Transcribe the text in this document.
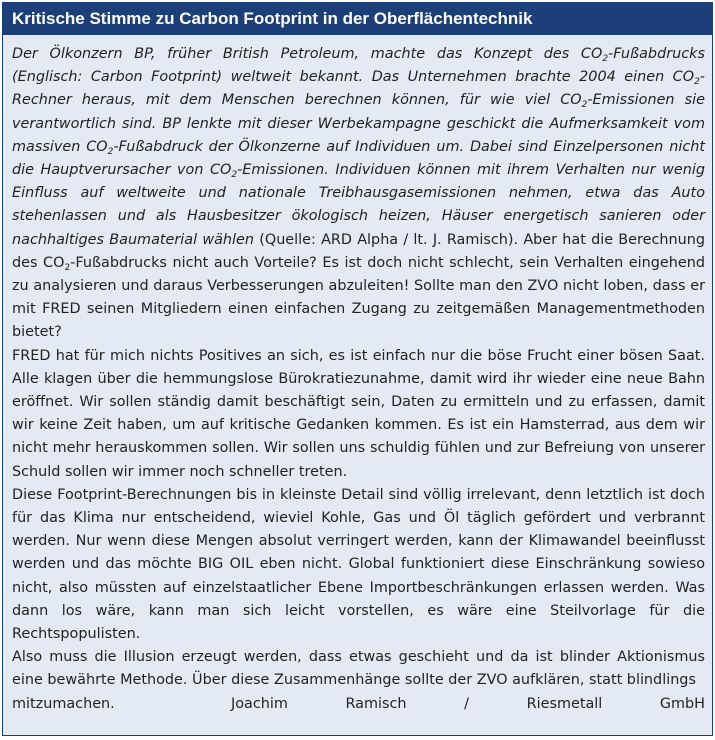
Kritische Stimme zu Carbon Footprint in der Oberflächentechnik

Der Ölkonzern BP, früher British Petroleum, machte das Konzept des $CO_2$-Fußabdrucks (Englisch: Carbon Footprint) weltweit bekannt. Das Unternehmen brachte 2004 einen $CO_2$-Rechner heraus, mit dem Menschen berechnen können, für wie viel $CO_2$-Emissionen sie verantwortlich sind. BP lenkte mit dieser Werbekampagne geschickt die Aufmerksamkeit vom massiven $CO_2$-Fußabdruck der Ölkonzerne auf Individuen um. Dabei sind Einzelpersonen nicht die Hauptverursacher von $CO_2$-Emissionen. Individuen können mit ihrem Verhalten nur wenig Einfluss auf weltweite und nationale Treibhausgasemissionen nehmen, etwa das Auto stehenlassen und als Hausbesitzer ökologisch heizen, Häuser energetisch sanieren oder nachhaltiges Baumaterial wählen (Quelle: ARD Alpha / lt. J. Ramisch). Aber hat die Berechnung des $CO_2$-Fußabdrucks nicht auch Vorteile? Es ist doch nicht schlecht, sein Verhalten eingehend zu analysieren und daraus Verbesserungen abzuleiten! Sollte man den ZVO nicht loben, dass er mit FRED seinen Mitgliedern einen einfachen Zugang zu zeitgemäßen Managementmethoden bietet?

FRED hat für mich nichts Positives an sich, es ist einfach nur die böse Frucht einer bösen Saat. Alle klagen über die hemmungslose Bürokratiezunahme, damit wird ihr wieder eine neue Bahn eröffnet. Wir sollen ständig damit beschäftigt sein, Daten zu ermitteln und zu erfassen, damit wir keine Zeit haben, um auf kritische Gedanken kommen. Es ist ein Hamsterrad, aus dem wir nicht mehr herauskommen sollen. Wir sollen uns schuldig fühlen und zur Befreiung von unserer Schuld sollen wir immer noch schneller treten.

Diese Footprint-Berechnungen bis in kleinste Detail sind völlig irrelevant, denn letztlich ist doch für das Klima nur entscheidend, wieviel Kohle, Gas und Öl täglich gefördert und verbrannt werden. Nur wenn diese Mengen absolut verringert werden, kann der Klimawandel beeinflusst werden und das möchte BIG OIL eben nicht. Global funktioniert diese Einschränkung sowieso nicht, also müssten auf einzelstaatlicher Ebene Importbeschränkungen erlassen werden. Was dann los wäre, kann man sich leicht vorstellen, es wäre eine Steilvorlage für die Rechtspopulisten.

Also muss die Illusion erzeugt werden, dass etwas geschieht und da ist blinder Aktionismus eine bewährte Methode. Über diese Zusammenhänge sollte der ZVO aufklären, statt blindlings

mitzumachen.	Joachim Ramisch / Riesmetall GmbH
